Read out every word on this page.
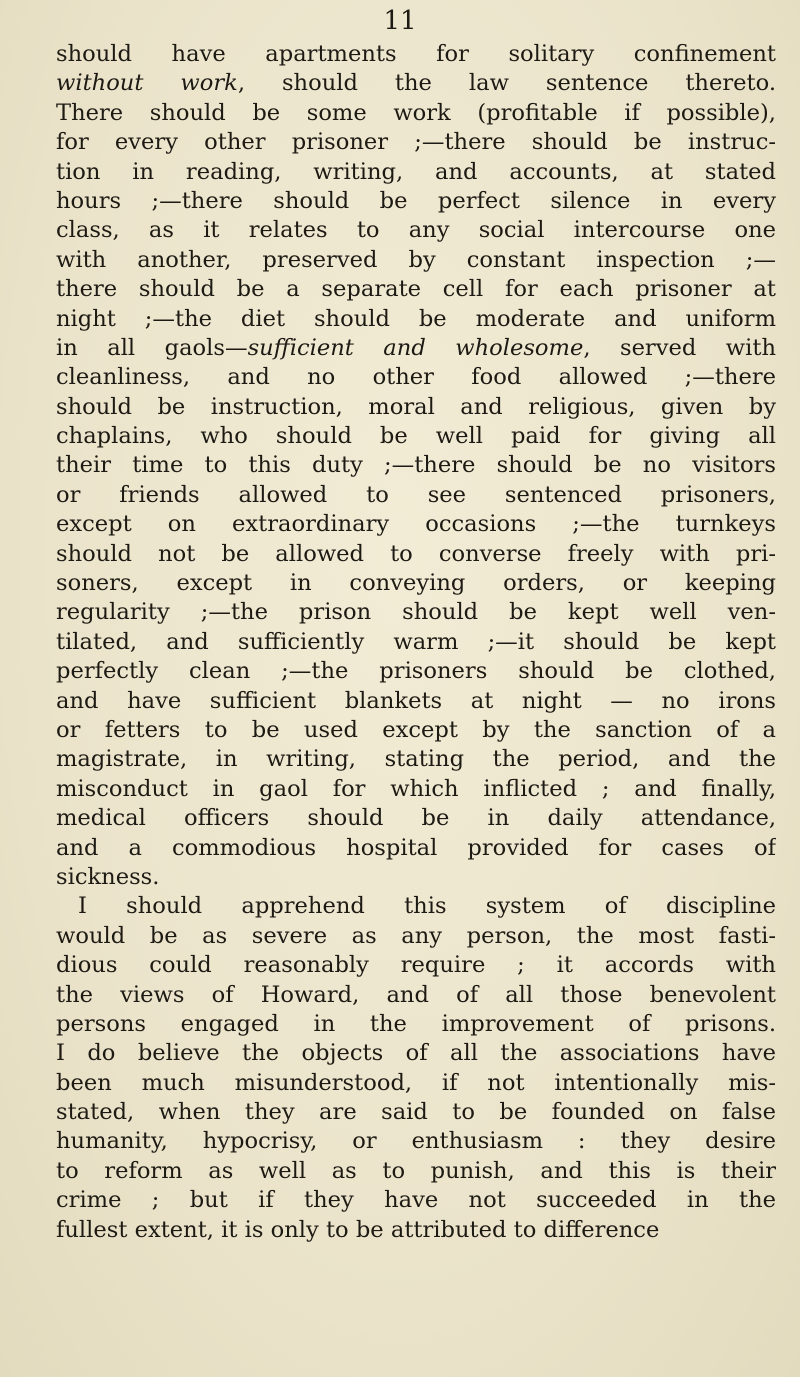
11
should have apartments for solitary confinement
without work, should the law sentence thereto.
There should be some work (profitable if possible),
for every other prisoner ;—there should be instruc-
tion in reading, writing, and accounts, at stated
hours ;—there should be perfect silence in every
class, as it relates to any social intercourse one
with another, preserved by constant inspection ;—
there should be a separate cell for each prisoner at
night ;—the diet should be moderate and uniform
in all gaols—sufficient and wholesome, served with
cleanliness, and no other food allowed ;—there
should be instruction, moral and religious, given by
chaplains, who should be well paid for giving all
their time to this duty ;—there should be no visitors
or friends allowed to see sentenced prisoners,
except on extraordinary occasions ;—the turnkeys
should not be allowed to converse freely with pri-
soners, except in conveying orders, or keeping
regularity ;—the prison should be kept well ven-
tilated, and sufficiently warm ;—it should be kept
perfectly clean ;—the prisoners should be clothed,
and have sufficient blankets at night — no irons
or fetters to be used except by the sanction of a
magistrate, in writing, stating the period, and the
misconduct in gaol for which inflicted ; and finally,
medical officers should be in daily attendance,
and a commodious hospital provided for cases of
sickness.
I should apprehend this system of discipline
would be as severe as any person, the most fasti-
dious could reasonably require ; it accords with
the views of Howard, and of all those benevolent
persons engaged in the improvement of prisons.
I do believe the objects of all the associations have
been much misunderstood, if not intentionally mis-
stated, when they are said to be founded on false
humanity, hypocrisy, or enthusiasm : they desire
to reform as well as to punish, and this is their
crime ; but if they have not succeeded in the
fullest extent, it is only to be attributed to difference
